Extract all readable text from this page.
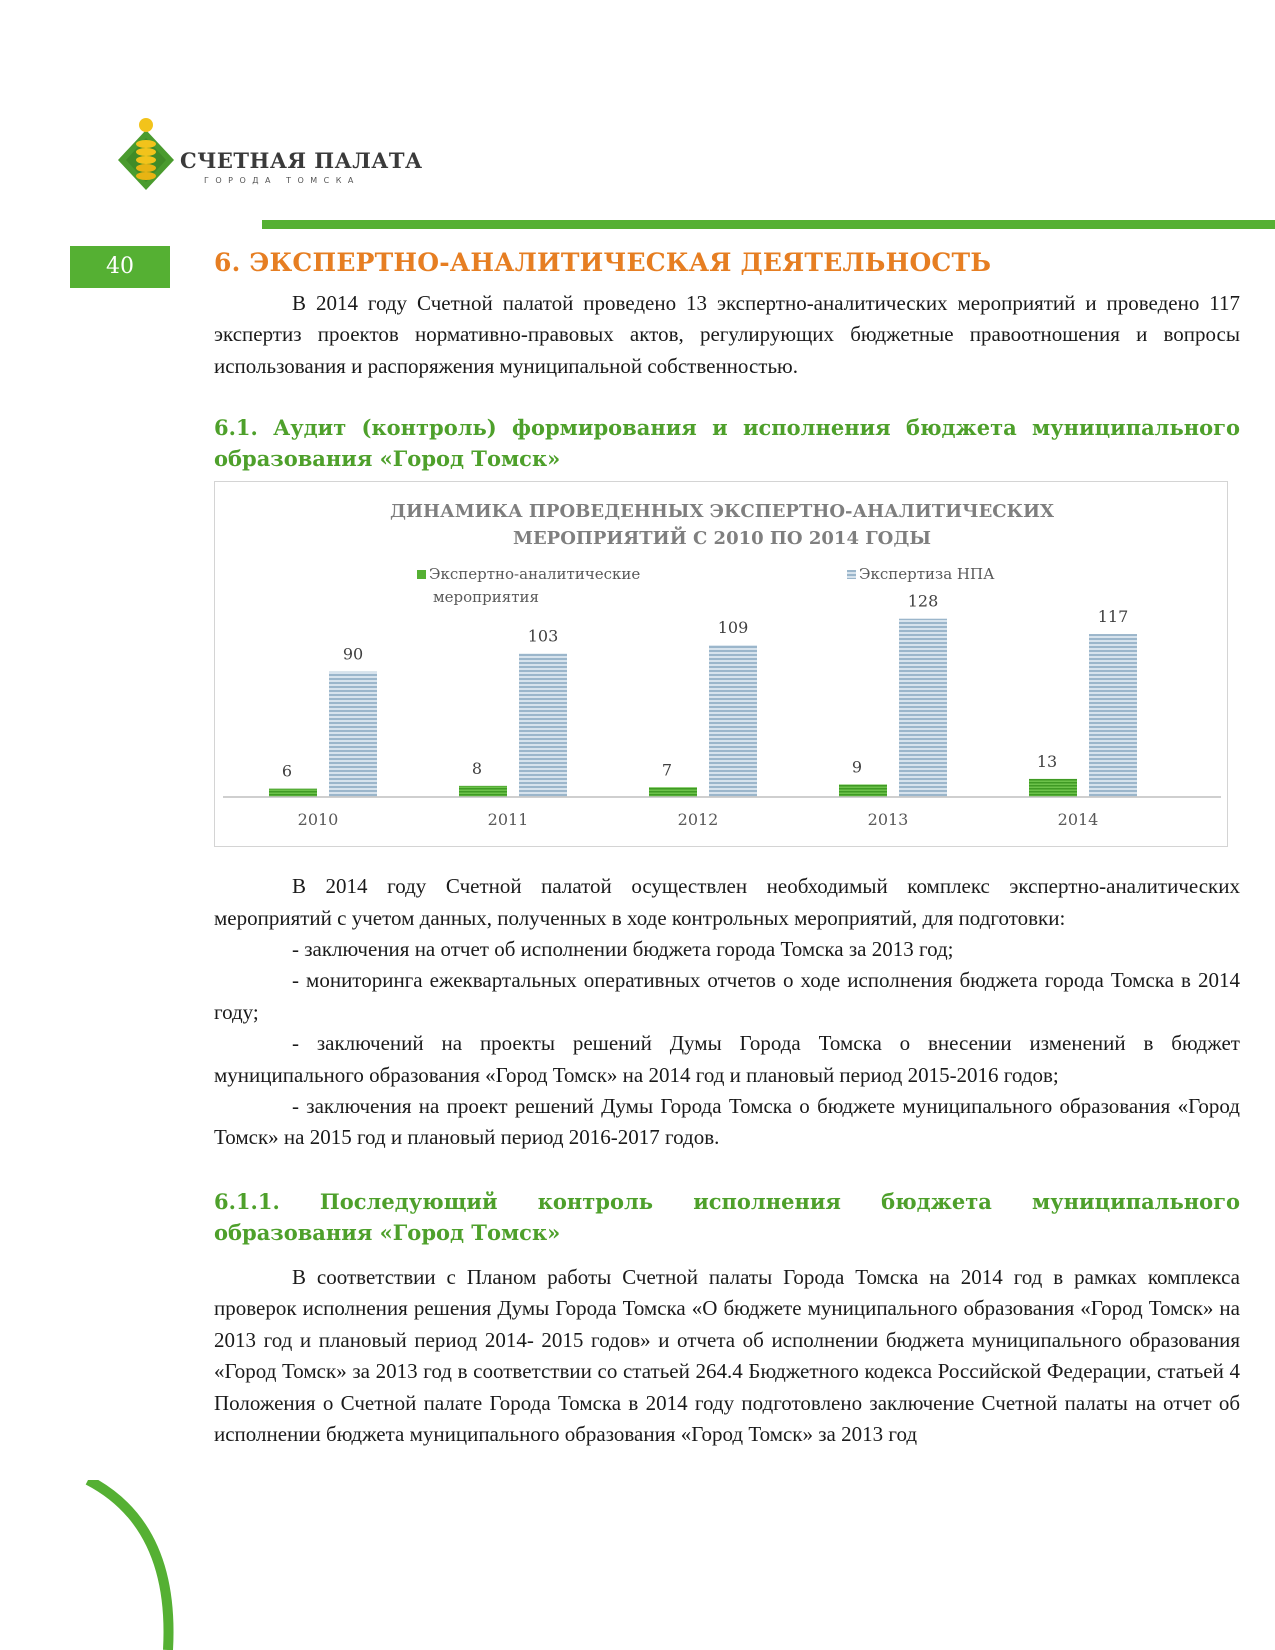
СЧЕТНАЯ ПАЛАТА
ГОРОДА ТОМСКА
40	6. ЭКСПЕРТНО-АНАЛИТИЧЕСКАЯ ДЕЯТЕЛЬНОСТЬ

В 2014 году Счетной палатой проведено 13 экспертно-аналитических мероприятий и проведено 117 экспертиз проектов нормативно-правовых актов, регулирующих бюджетные правоотношения и вопросы использования и распоряжения муниципальной собственностью.

6.1. Аудит (контроль) формирования и исполнения бюджета муниципального образования «Город Томск»
ДИНАМИКА ПРОВЕДЕННЫХ ЭКСПЕРТНО-АНАЛИТИЧЕСКИХ
МЕРОПРИЯТИЙ С 2010 ПО 2014 ГОДЫ
Экспертно-аналитические
мероприятия
Экспертиза НПА
6
90
8
103
7
109
9
128
13
117
2010	2011	2012	2013	2014

В 2014 году Счетной палатой осуществлен необходимый комплекс экспертно-аналитических мероприятий с учетом данных, полученных в ходе контрольных мероприятий, для подготовки:

- заключения на отчет об исполнении бюджета города Томска за 2013 год;

- мониторинга ежеквартальных оперативных отчетов о ходе исполнения бюджета города Томска в 2014 году;

- заключений на проекты решений Думы Города Томска о внесении изменений в бюджет муниципального образования «Город Томск» на 2014 год и плановый период 2015-2016 годов;

- заключения на проект решений Думы Города Томска о бюджете муниципального образования «Город Томск» на 2015 год и плановый период 2016-2017 годов.

6.1.1. Последующий контроль исполнения бюджета муниципального образования «Город Томск»

В соответствии с Планом работы Счетной палаты Города Томска на 2014 год в рамках комплекса проверок исполнения решения Думы Города Томска «О бюджете муниципального образования «Город Томск» на 2013 год и плановый период 2014- 2015 годов» и отчета об исполнении бюджета муниципального образования «Город Томск» за 2013 год в соответствии со статьей 264.4 Бюджетного кодекса Российской Федерации, статьей 4 Положения о Счетной палате Города Томска в 2014 году подготовлено заключение Счетной палаты на отчет об исполнении бюджета муниципального образования «Город Томск» за 2013 год
